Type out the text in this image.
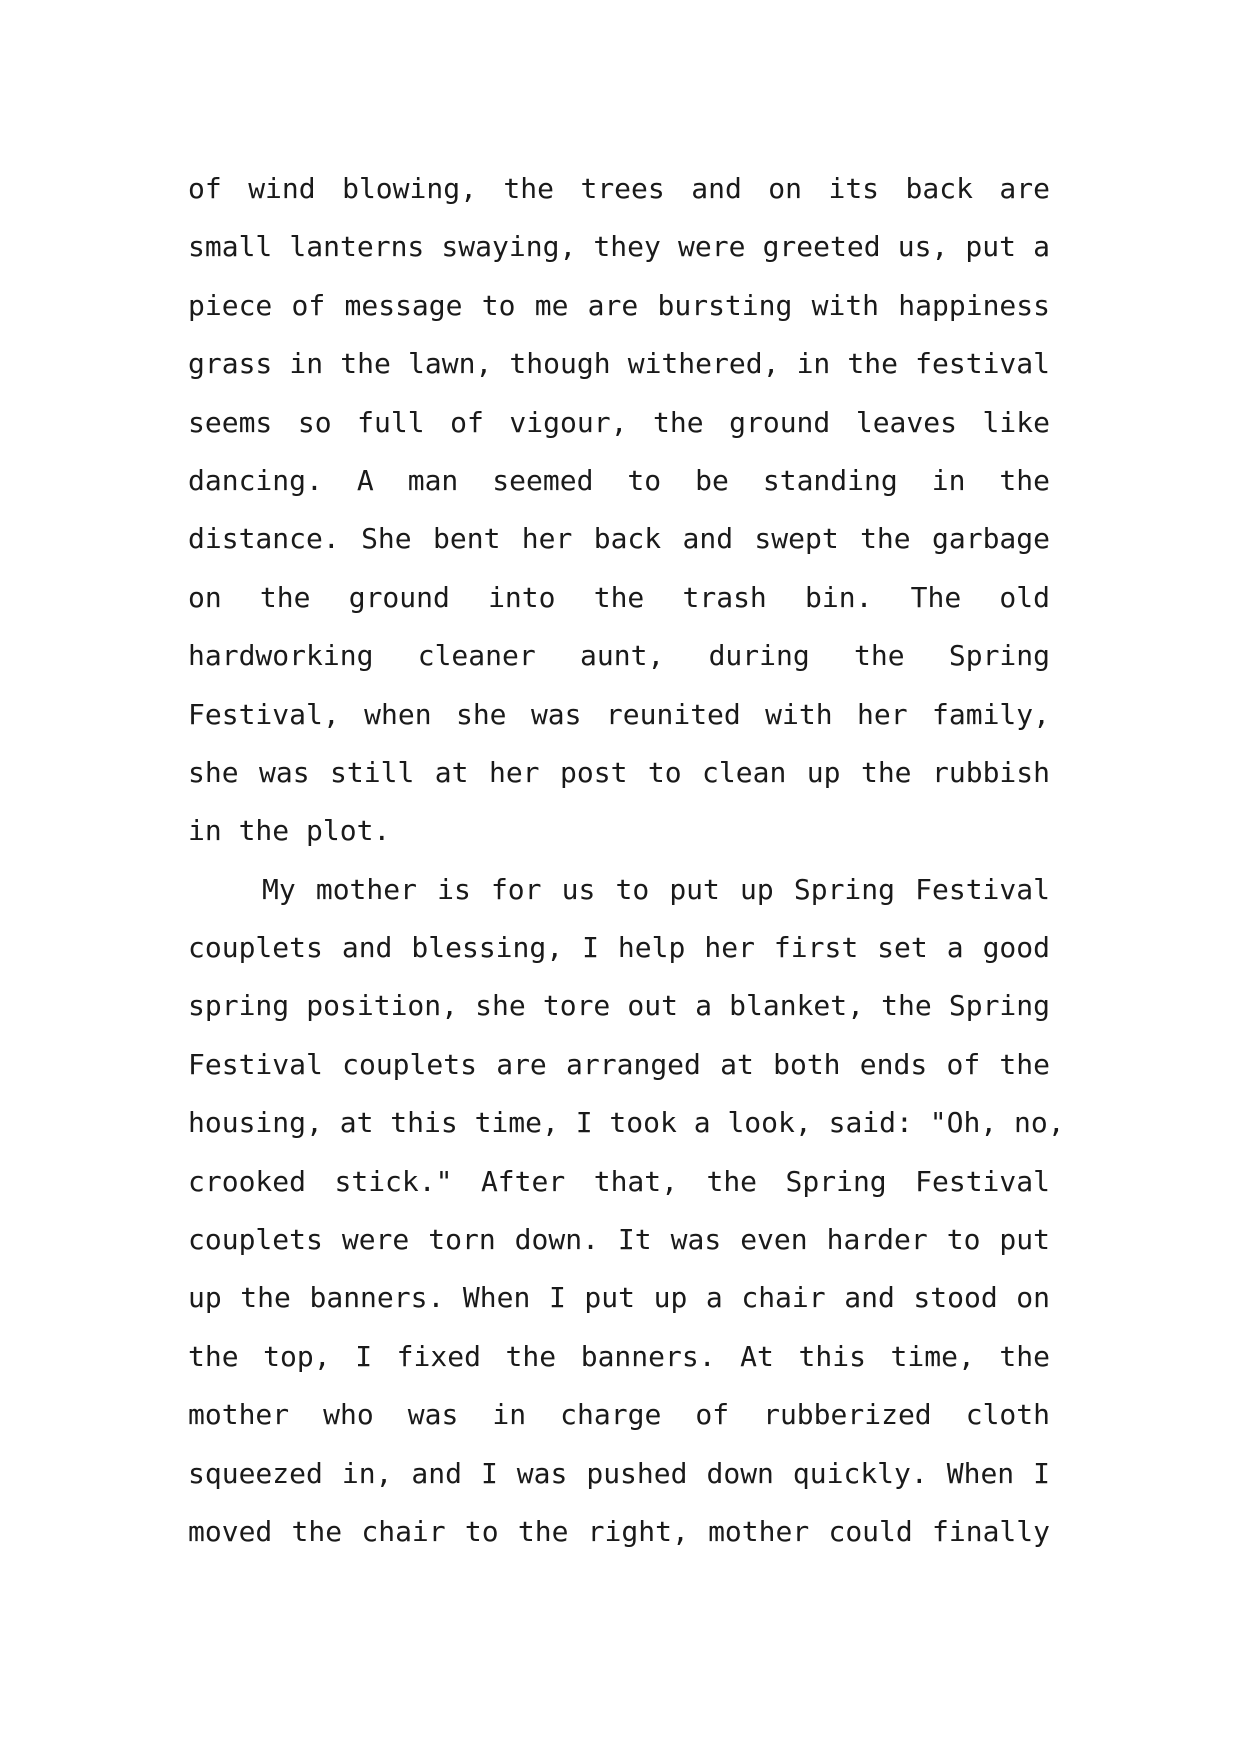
of wind blowing, the trees and on its back are
small lanterns swaying, they were greeted us, put a
piece of message to me are bursting with happiness
grass in the lawn, though withered, in the festival
seems so full of vigour, the ground leaves like
dancing. A man seemed to be standing in the
distance. She bent her back and swept the garbage
on the ground into the trash bin. The old
hardworking cleaner aunt, during the Spring
Festival, when she was reunited with her family,
she was still at her post to clean up the rubbish
in the plot.
My mother is for us to put up Spring Festival
couplets and blessing, I help her first set a good
spring position, she tore out a blanket, the Spring
Festival couplets are arranged at both ends of the
housing, at this time, I took a look, said: "Oh, no,
crooked stick." After that, the Spring Festival
couplets were torn down. It was even harder to put
up the banners. When I put up a chair and stood on
the top, I fixed the banners. At this time, the
mother who was in charge of rubberized cloth
squeezed in, and I was pushed down quickly. When I
moved the chair to the right, mother could finally
